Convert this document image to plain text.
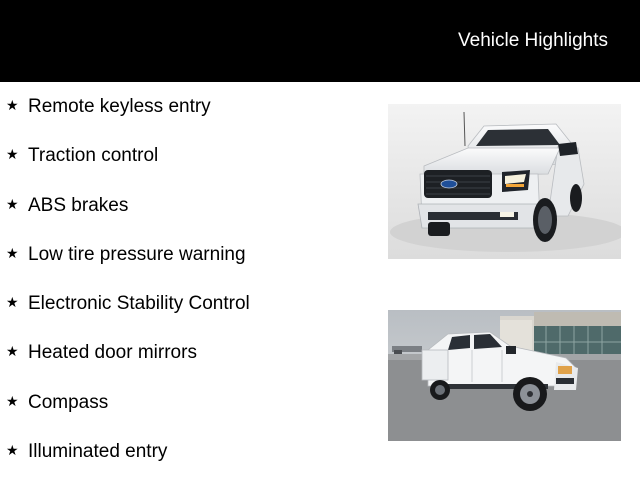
Vehicle Highlights
★ Remote keyless entry
★ Traction control
★ ABS brakes
★ Low tire pressure warning
★ Electronic Stability Control
★ Heated door mirrors
★ Compass
★ Illuminated entry
